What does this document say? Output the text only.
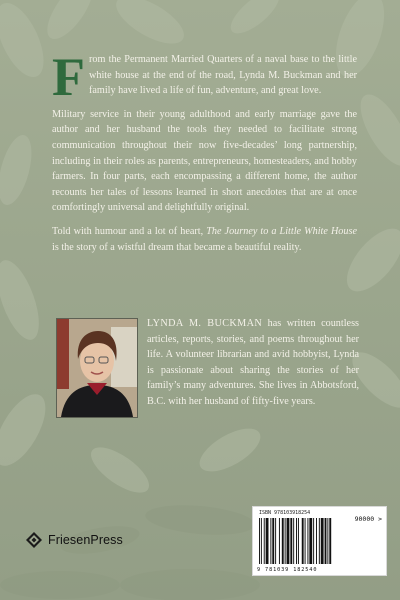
From the Permanent Married Quarters of a naval base to the little white house at the end of the road, Lynda M. Buckman and her family have lived a life of fun, adventure, and great love.

Military service in their young adulthood and early marriage gave the author and her husband the tools they needed to facilitate strong communication throughout their now five-decades’ long partnership, including in their roles as parents, entrepreneurs, homesteaders, and hobby farmers. In four parts, each encompassing a different home, the author recounts her tales of lessons learned in short anecdotes that are at once comfortingly universal and delightfully original.

Told with humour and a lot of heart, The Journey to a Little White House is the story of a wistful dream that became a beautiful reality.

LYNDA M. BUCKMAN has written countless articles, reports, stories, and poems throughout her life. A volunteer librarian and avid hobbyist, Lynda is passionate about sharing the stories of her family’s many adventures. She lives in Abbotsford, B.C. with her husband of fifty-five years.

ISBN 978103918254
90000 >
9 781039 182540
FriesenPress
